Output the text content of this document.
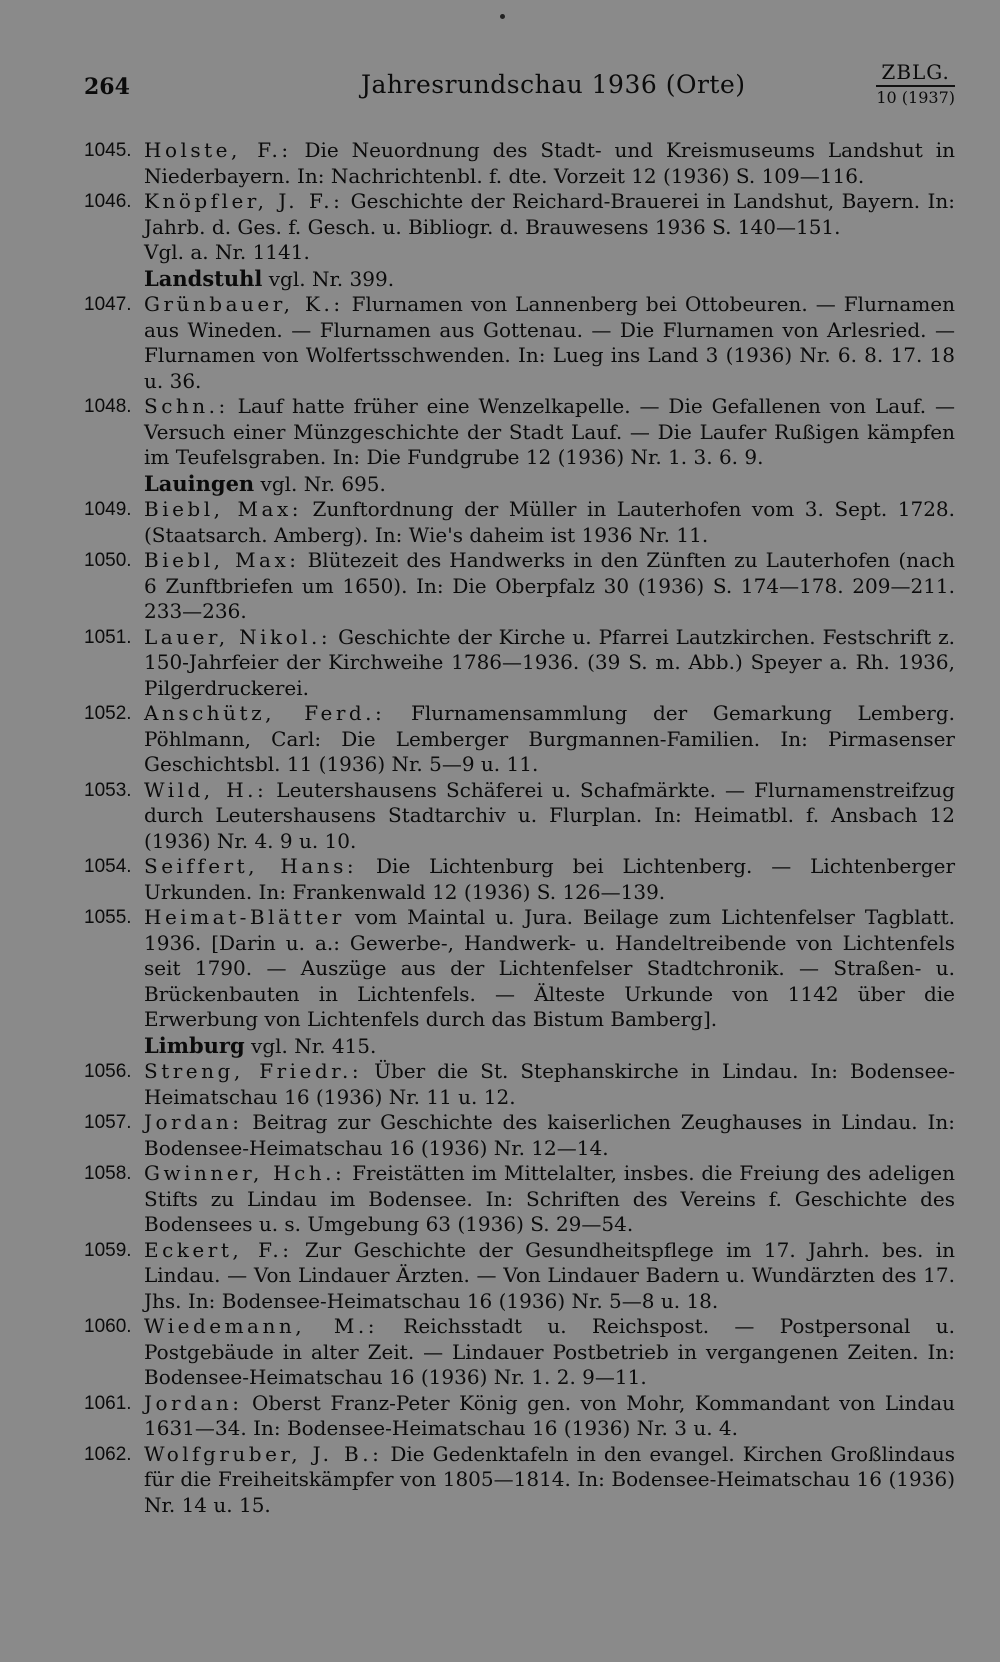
264	Jahresrundschau 1936 (Orte)	ZBLG.
10 (1937)
1045. Holste, F.: Die Neuordnung des Stadt- und Kreismuseums Landshut in Niederbayern. In: Nachrichtenbl. f. dte. Vorzeit 12 (1936) S. 109—116.
1046. Knöpfler, J. F.: Geschichte der Reichard-Brauerei in Landshut, Bayern. In: Jahrb. d. Ges. f. Gesch. u. Bibliogr. d. Brauwesens 1936 S. 140—151.
Vgl. a. Nr. 1141.
Landstuhl vgl. Nr. 399.
1047. Grünbauer, K.: Flurnamen von Lannenberg bei Ottobeuren. — Flurnamen aus Wineden. — Flurnamen aus Gottenau. — Die Flurnamen von Arlesried. — Flurnamen von Wolfertsschwenden. In: Lueg ins Land 3 (1936) Nr. 6. 8. 17. 18 u. 36.
1048. Schn.: Lauf hatte früher eine Wenzelkapelle. — Die Gefallenen von Lauf. — Versuch einer Münzgeschichte der Stadt Lauf. — Die Laufer Rußigen kämpfen im Teufelsgraben. In: Die Fundgrube 12 (1936) Nr. 1. 3. 6. 9.
Lauingen vgl. Nr. 695.
1049. Biebl, Max: Zunftordnung der Müller in Lauterhofen vom 3. Sept. 1728. (Staatsarch. Amberg). In: Wie's daheim ist 1936 Nr. 11.
1050. Biebl, Max: Blütezeit des Handwerks in den Zünften zu Lauterhofen (nach 6 Zunftbriefen um 1650). In: Die Oberpfalz 30 (1936) S. 174—178. 209—211. 233—236.
1051. Lauer, Nikol.: Geschichte der Kirche u. Pfarrei Lautzkirchen. Festschrift z. 150-Jahrfeier der Kirchweihe 1786—1936. (39 S. m. Abb.) Speyer a. Rh. 1936, Pilgerdruckerei.
1052. Anschütz, Ferd.: Flurnamensammlung der Gemarkung Lemberg. Pöhlmann, Carl: Die Lemberger Burgmannen-Familien. In: Pirmasenser Geschichtsbl. 11 (1936) Nr. 5—9 u. 11.
1053. Wild, H.: Leutershausens Schäferei u. Schafmärkte. — Flurnamenstreifzug durch Leutershausens Stadtarchiv u. Flurplan. In: Heimatbl. f. Ansbach 12 (1936) Nr. 4. 9 u. 10.
1054. Seiffert, Hans: Die Lichtenburg bei Lichtenberg. — Lichtenberger Urkunden. In: Frankenwald 12 (1936) S. 126—139.
1055. Heimat-Blätter vom Maintal u. Jura. Beilage zum Lichtenfelser Tagblatt. 1936. [Darin u. a.: Gewerbe-, Handwerk- u. Handeltreibende von Lichtenfels seit 1790. — Auszüge aus der Lichtenfelser Stadtchronik. — Straßen- u. Brückenbauten in Lichtenfels. — Älteste Urkunde von 1142 über die Erwerbung von Lichtenfels durch das Bistum Bamberg].
Limburg vgl. Nr. 415.
1056. Streng, Friedr.: Über die St. Stephanskirche in Lindau. In: Bodensee-Heimatschau 16 (1936) Nr. 11 u. 12.
1057. Jordan: Beitrag zur Geschichte des kaiserlichen Zeughauses in Lindau. In: Bodensee-Heimatschau 16 (1936) Nr. 12—14.
1058. Gwinner, Hch.: Freistätten im Mittelalter, insbes. die Freiung des adeligen Stifts zu Lindau im Bodensee. In: Schriften des Vereins f. Geschichte des Bodensees u. s. Umgebung 63 (1936) S. 29—54.
1059. Eckert, F.: Zur Geschichte der Gesundheitspflege im 17. Jahrh. bes. in Lindau. — Von Lindauer Ärzten. — Von Lindauer Badern u. Wundärzten des 17. Jhs. In: Bodensee-Heimatschau 16 (1936) Nr. 5—8 u. 18.
1060. Wiedemann, M.: Reichsstadt u. Reichspost. — Postpersonal u. Postgebäude in alter Zeit. — Lindauer Postbetrieb in vergangenen Zeiten. In: Bodensee-Heimatschau 16 (1936) Nr. 1. 2. 9—11.
1061. Jordan: Oberst Franz-Peter König gen. von Mohr, Kommandant von Lindau 1631—34. In: Bodensee-Heimatschau 16 (1936) Nr. 3 u. 4.
1062. Wolfgruber, J. B.: Die Gedenktafeln in den evangel. Kirchen Großlindaus für die Freiheitskämpfer von 1805—1814. In: Bodensee-Heimatschau 16 (1936) Nr. 14 u. 15.
